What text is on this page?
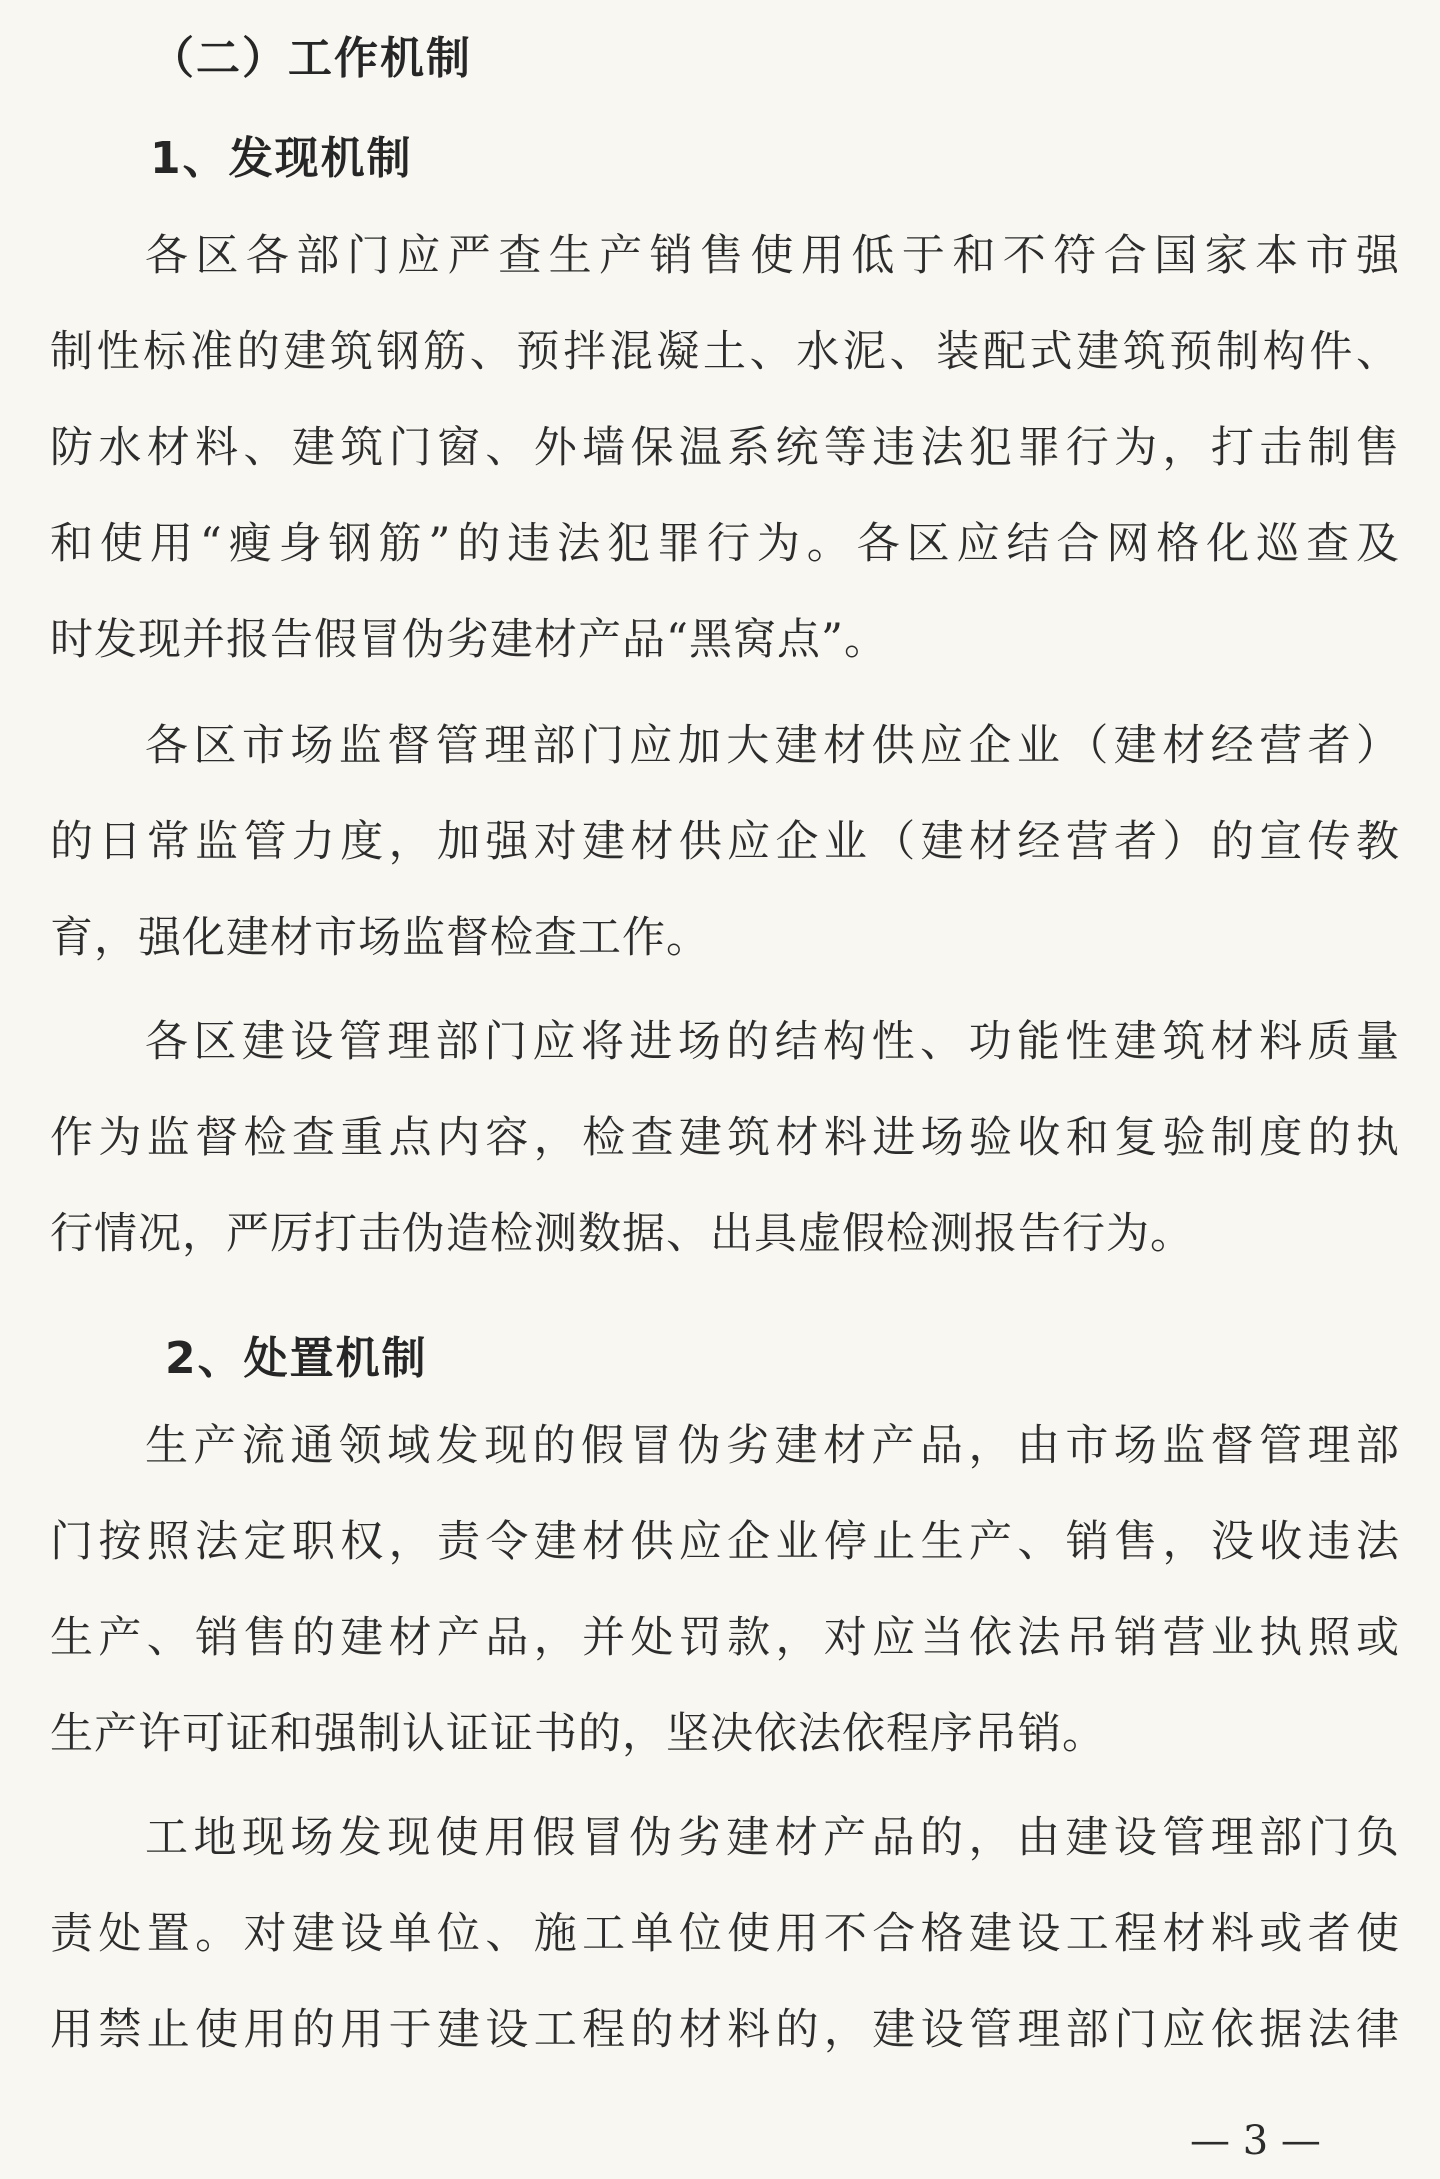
（二）工作机制
1、发现机制
各区各部门应严查生产销售使用低于和不符合国家本市强
制性标准的建筑钢筋、预拌混凝土、水泥、装配式建筑预制构件、
防水材料、建筑门窗、外墙保温系统等违法犯罪行为，打击制售
和使用“瘦身钢筋”的违法犯罪行为。各区应结合网格化巡查及
时发现并报告假冒伪劣建材产品“黑窝点”。
各区市场监督管理部门应加大建材供应企业（建材经营者）
的日常监管力度，加强对建材供应企业（建材经营者）的宣传教
育，强化建材市场监督检查工作。
各区建设管理部门应将进场的结构性、功能性建筑材料质量
作为监督检查重点内容，检查建筑材料进场验收和复验制度的执
行情况，严厉打击伪造检测数据、出具虚假检测报告行为。
2、处置机制
生产流通领域发现的假冒伪劣建材产品，由市场监督管理部
门按照法定职权，责令建材供应企业停止生产、销售，没收违法
生产、销售的建材产品，并处罚款，对应当依法吊销营业执照或
生产许可证和强制认证证书的，坚决依法依程序吊销。
工地现场发现使用假冒伪劣建材产品的，由建设管理部门负
责处置。对建设单位、施工单位使用不合格建设工程材料或者使
用禁止使用的用于建设工程的材料的，建设管理部门应依据法律
— 3 —
